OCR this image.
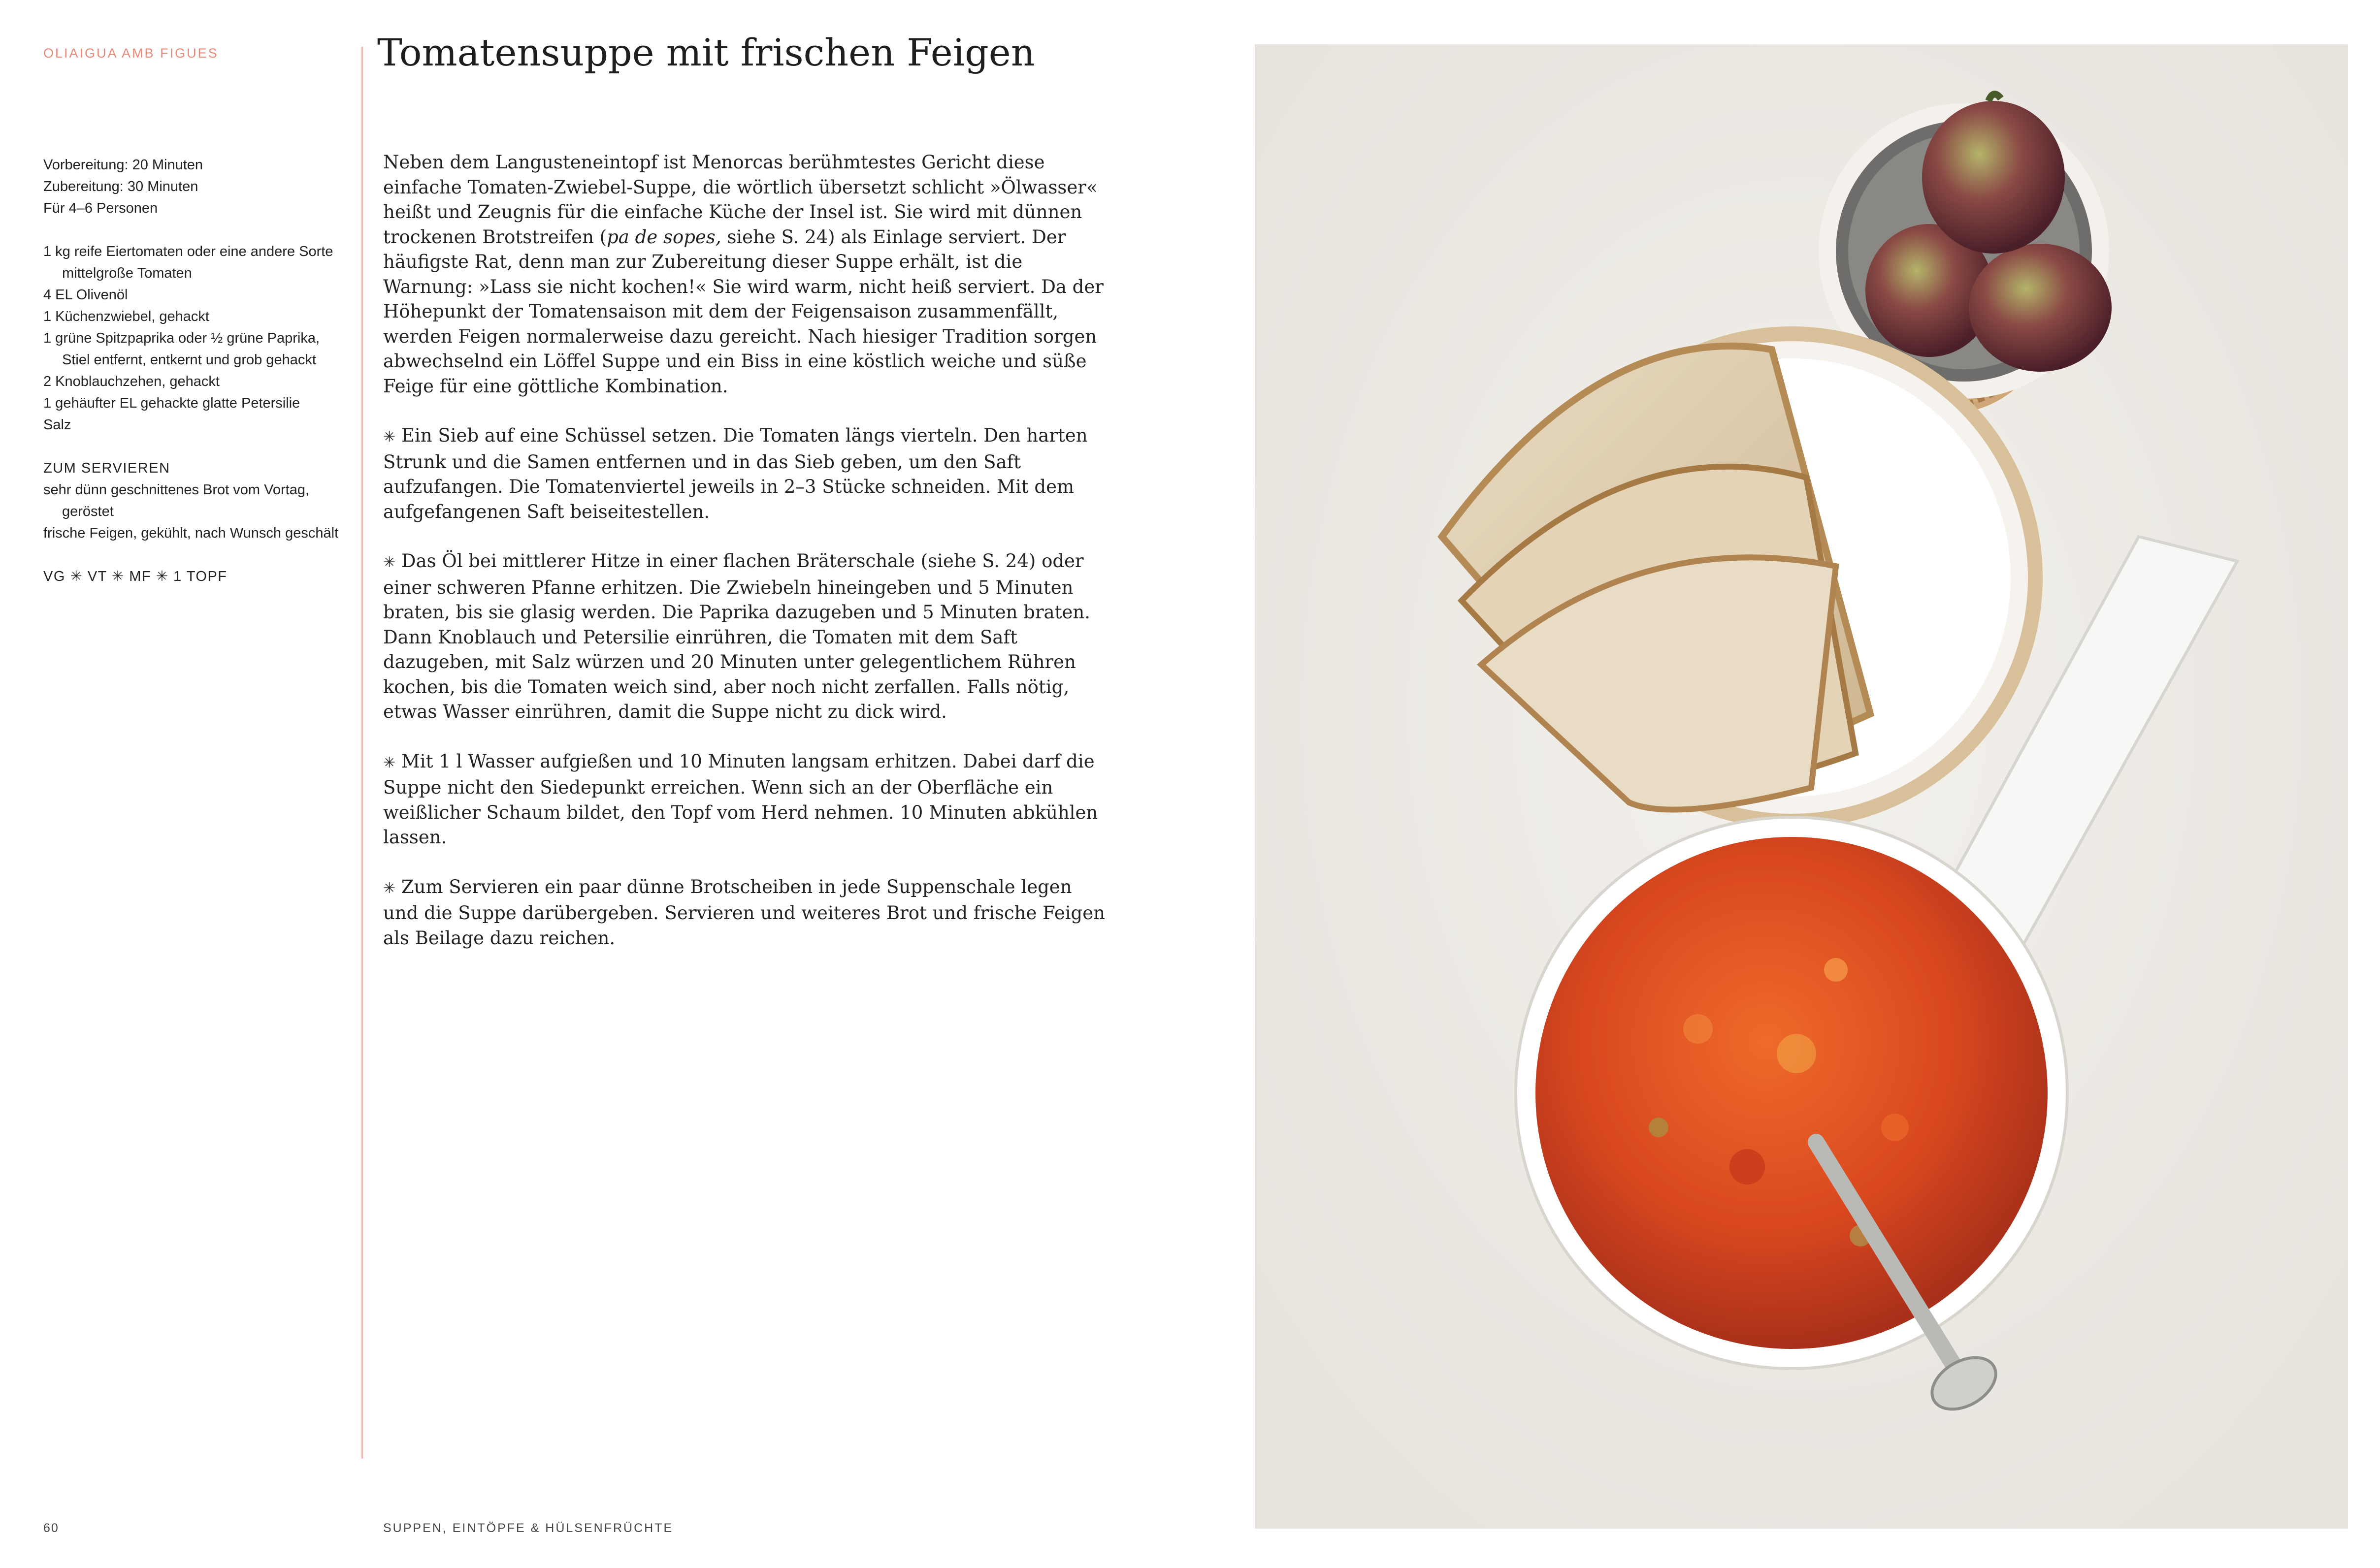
OLIAIGUA AMB FIGUES
Vorbereitung: 20 Minuten
Zubereitung: 30 Minuten
Für 4–6 Personen
1 kg reife Eiertomaten oder eine andere Sorte mittelgroße Tomaten
4 EL Olivenöl
1 Küchenzwiebel, gehackt
1 grüne Spitzpaprika oder ½ grüne Paprika, Stiel entfernt, entkernt und grob gehackt
2 Knoblauchzehen, gehackt
1 gehäufter EL gehackte glatte Petersilie
Salz
ZUM SERVIEREN
sehr dünn geschnittenes Brot vom Vortag, geröstet
frische Feigen, gekühlt, nach Wunsch geschält
VG ✳ VT ✳ MF ✳ 1 TOPF
Tomatensuppe mit frischen Feigen

Neben dem Langusteneintopf ist Menorcas berühmtestes Gericht diese einfache Tomaten-Zwiebel-Suppe, die wörtlich übersetzt schlicht »Ölwasser« heißt und Zeugnis für die einfache Küche der Insel ist. Sie wird mit dünnen trockenen Brotstreifen (pa de sopes, siehe S. 24) als Einlage serviert. Der häufigste Rat, denn man zur Zubereitung dieser Suppe erhält, ist die Warnung: »Lass sie nicht kochen!« Sie wird warm, nicht heiß serviert. Da der Höhepunkt der Tomatensaison mit dem der Feigensaison zusammenfällt, werden Feigen normalerweise dazu gereicht. Nach hiesiger Tradition sorgen abwechselnd ein Löffel Suppe und ein Biss in eine köstlich weiche und süße Feige für eine göttliche Kombination.

✳ Ein Sieb auf eine Schüssel setzen. Die Tomaten längs vierteln. Den harten Strunk und die Samen entfernen und in das Sieb geben, um den Saft aufzufangen. Die Tomatenviertel jeweils in 2–3 Stücke schneiden. Mit dem aufgefangenen Saft beiseitestellen.

✳ Das Öl bei mittlerer Hitze in einer flachen Bräterschale (siehe S. 24) oder einer schweren Pfanne erhitzen. Die Zwiebeln hineingeben und 5 Minuten braten, bis sie glasig werden. Die Paprika dazugeben und 5 Minuten braten. Dann Knoblauch und Petersilie einrühren, die Tomaten mit dem Saft dazugeben, mit Salz würzen und 20 Minuten unter gelegentlichem Rühren kochen, bis die Tomaten weich sind, aber noch nicht zerfallen. Falls nötig, etwas Wasser einrühren, damit die Suppe nicht zu dick wird.

✳ Mit 1 l Wasser aufgießen und 10 Minuten langsam erhitzen. Dabei darf die Suppe nicht den Siedepunkt erreichen. Wenn sich an der Oberfläche ein weißlicher Schaum bildet, den Topf vom Herd nehmen. 10 Minuten abkühlen lassen.

✳ Zum Servieren ein paar dünne Brotscheiben in jede Suppenschale legen und die Suppe darübergeben. Servieren und weiteres Brot und frische Feigen als Beilage dazu reichen.

60	SUPPEN, EINTÖPFE & HÜLSENFRÜCHTE
